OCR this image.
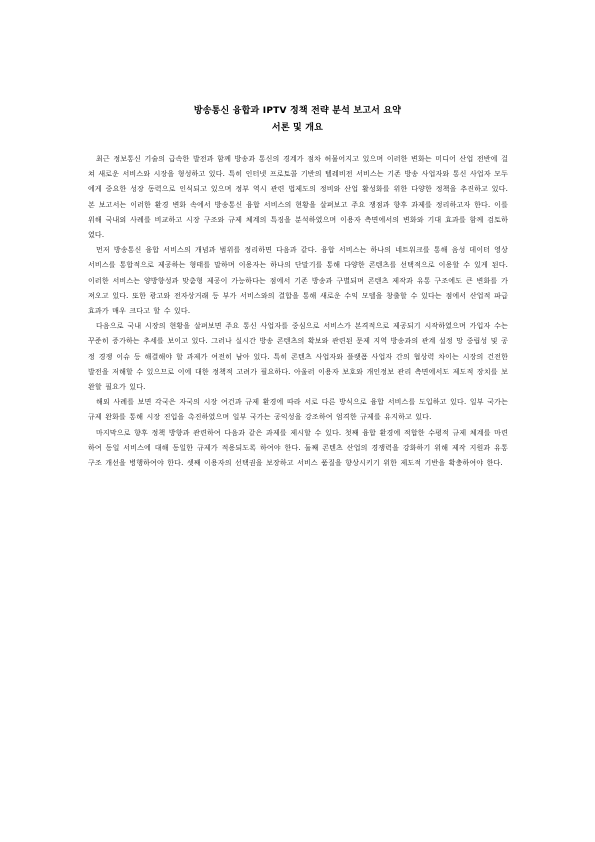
방송통신 융합과 IPTV 정책 전략 분석 보고서 요약
서론 및 개요

최근 정보통신 기술의 급속한 발전과 함께 방송과 통신의 경계가 점차 허물어지고 있으며 이러한 변화는 미디어 산업 전반에 걸쳐 새로운 서비스와 시장을 형성하고 있다. 특히 인터넷 프로토콜 기반의 텔레비전 서비스는 기존 방송 사업자와 통신 사업자 모두에게 중요한 성장 동력으로 인식되고 있으며 정부 역시 관련 법제도의 정비와 산업 활성화를 위한 다양한 정책을 추진하고 있다. 본 보고서는 이러한 환경 변화 속에서 방송통신 융합 서비스의 현황을 살펴보고 주요 쟁점과 향후 과제를 정리하고자 한다. 이를 위해 국내외 사례를 비교하고 시장 구조와 규제 체계의 특징을 분석하였으며 이용자 측면에서의 변화와 기대 효과를 함께 검토하였다.

먼저 방송통신 융합 서비스의 개념과 범위를 정리하면 다음과 같다. 융합 서비스는 하나의 네트워크를 통해 음성 데이터 영상 서비스를 통합적으로 제공하는 형태를 말하며 이용자는 하나의 단말기를 통해 다양한 콘텐츠를 선택적으로 이용할 수 있게 된다. 이러한 서비스는 양방향성과 맞춤형 제공이 가능하다는 점에서 기존 방송과 구별되며 콘텐츠 제작과 유통 구조에도 큰 변화를 가져오고 있다. 또한 광고와 전자상거래 등 부가 서비스와의 결합을 통해 새로운 수익 모델을 창출할 수 있다는 점에서 산업적 파급 효과가 매우 크다고 할 수 있다.

다음으로 국내 시장의 현황을 살펴보면 주요 통신 사업자를 중심으로 서비스가 본격적으로 제공되기 시작하였으며 가입자 수는 꾸준히 증가하는 추세를 보이고 있다. 그러나 실시간 방송 콘텐츠의 확보와 관련된 문제 지역 방송과의 관계 설정 망 중립성 및 공정 경쟁 이슈 등 해결해야 할 과제가 여전히 남아 있다. 특히 콘텐츠 사업자와 플랫폼 사업자 간의 협상력 차이는 시장의 건전한 발전을 저해할 수 있으므로 이에 대한 정책적 고려가 필요하다. 아울러 이용자 보호와 개인정보 관리 측면에서도 제도적 장치를 보완할 필요가 있다.

해외 사례를 보면 각국은 자국의 시장 여건과 규제 환경에 따라 서로 다른 방식으로 융합 서비스를 도입하고 있다. 일부 국가는 규제 완화를 통해 시장 진입을 촉진하였으며 일부 국가는 공익성을 강조하여 엄격한 규제를 유지하고 있다.

마지막으로 향후 정책 방향과 관련하여 다음과 같은 과제를 제시할 수 있다. 첫째 융합 환경에 적합한 수평적 규제 체계를 마련하여 동일 서비스에 대해 동일한 규제가 적용되도록 하여야 한다. 둘째 콘텐츠 산업의 경쟁력을 강화하기 위해 제작 지원과 유통 구조 개선을 병행하여야 한다. 셋째 이용자의 선택권을 보장하고 서비스 품질을 향상시키기 위한 제도적 기반을 확충하여야 한다.
